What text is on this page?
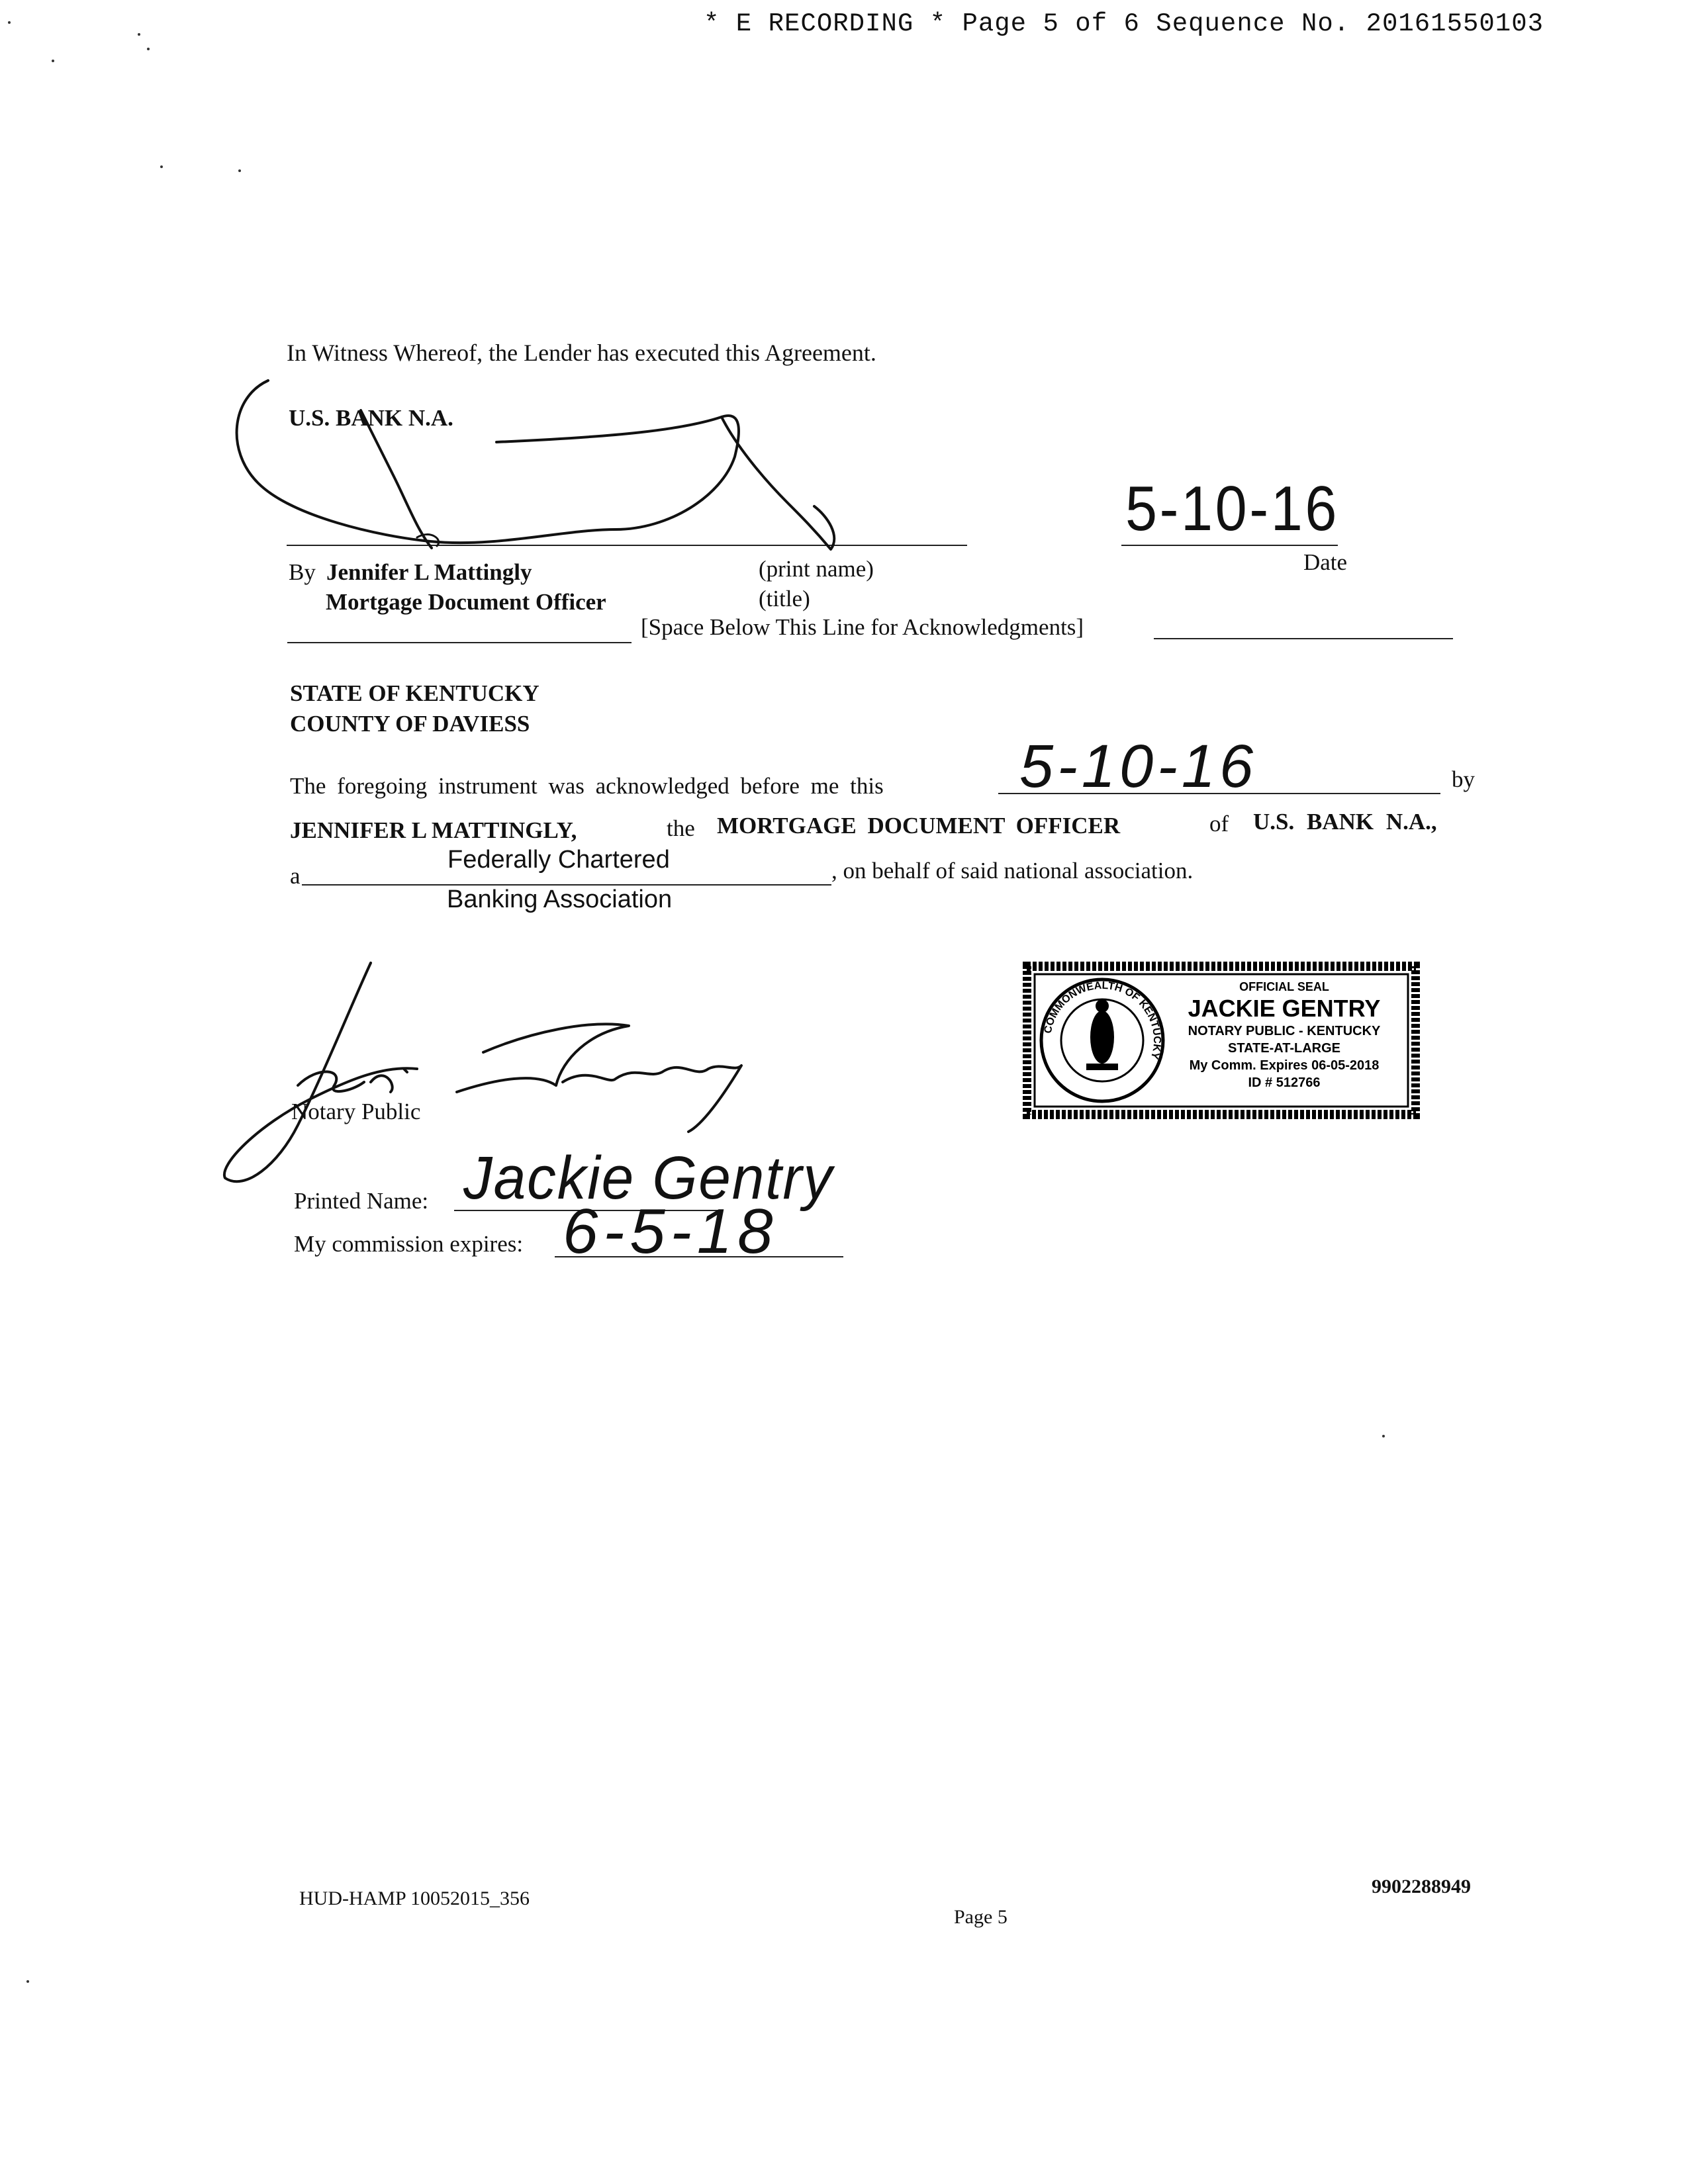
* E RECORDING * Page 5 of 6 Sequence No. 20161550103
In Witness Whereof, the Lender has executed this Agreement.
U.S. BANK N.A.
5-10-16
Date
By Jennifer L Mattingly	(print name)
Mortgage Document Officer	(title)
[Space Below This Line for Acknowledgments]
STATE OF KENTUCKY
COUNTY OF DAVIESS
The foregoing instrument was acknowledged before me this 5-10-16	by
JENNIFER L MATTINGLY,	the MORTGAGE DOCUMENT OFFICER	of U.S. BANK N.A.,
a
Federally Chartered
Banking Association
, on behalf of said national association.
Notary Public
Printed Name: Jackie Gentry
My commission expires: 6-5-18
COMMONWEALTH OF KENTUCKY
OFFICIAL SEAL
JACKIE GENTRY
NOTARY PUBLIC - KENTUCKY
STATE-AT-LARGE
My Comm. Expires 06-05-2018
ID # 512766
HUD-HAMP 10052015_356
Page 5
9902288949
